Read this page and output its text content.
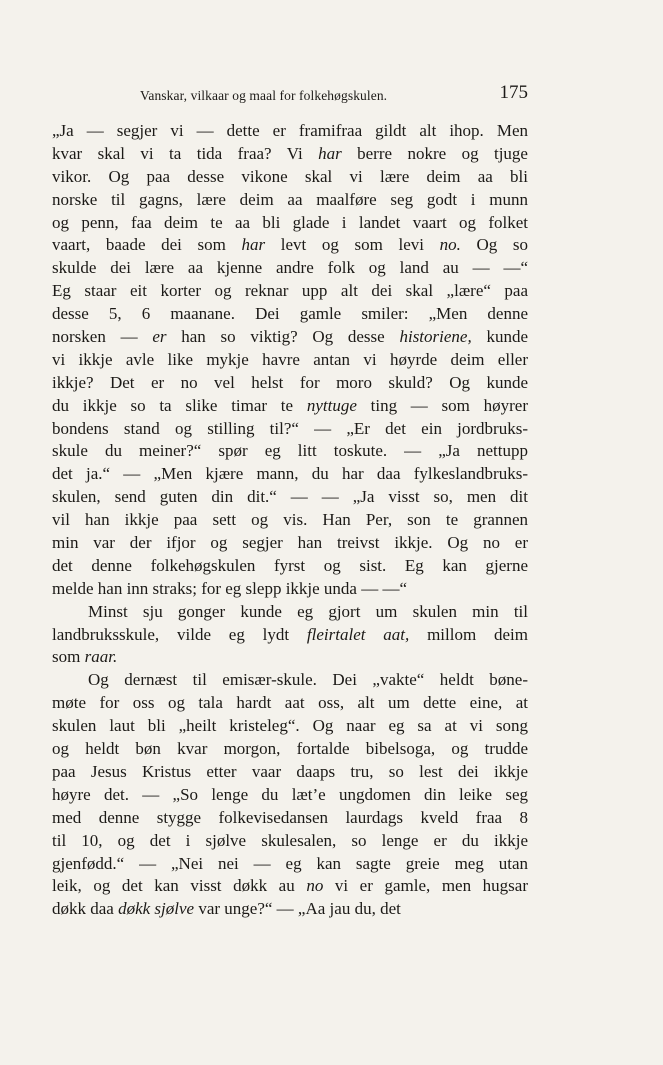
Vanskar, vilkaar og maal for folkehøgskulen.	175
„Ja — segjer vi — dette er framifraa gildt alt ihop. Men
kvar skal vi ta tida fraa? Vi har berre nokre og tjuge
vikor. Og paa desse vikone skal vi lære deim aa bli
norske til gagns, lære deim aa maalføre seg godt i munn
og penn, faa deim te aa bli glade i landet vaart og folket
vaart, baade dei som har levt og som levi no. Og so
skulde dei lære aa kjenne andre folk og land au — —“
Eg staar eit korter og reknar upp alt dei skal „lære“ paa
desse 5, 6 maanane. Dei gamle smiler: „Men denne
norsken — er han so viktig? Og desse historiene, kunde
vi ikkje avle like mykje havre antan vi høyrde deim eller
ikkje? Det er no vel helst for moro skuld? Og kunde
du ikkje so ta slike timar te nyttuge ting — som høyrer
bondens stand og stilling til?“ — „Er det ein jordbruks-
skule du meiner?“ spør eg litt toskute. — „Ja nettupp
det ja.“ — „Men kjære mann, du har daa fylkeslandbruks-
skulen, send guten din dit.“ — — „Ja visst so, men dit
vil han ikkje paa sett og vis. Han Per, son te grannen
min var der ifjor og segjer han treivst ikkje. Og no er
det denne folkehøgskulen fyrst og sist. Eg kan gjerne
melde han inn straks; for eg slepp ikkje unda — —“
Minst sju gonger kunde eg gjort um skulen min til
landbruksskule, vilde eg lydt fleirtalet aat, millom deim
som raar.
Og dernæst til emisær-skule. Dei „vakte“ heldt bøne-
møte for oss og tala hardt aat oss, alt um dette eine, at
skulen laut bli „heilt kristeleg“. Og naar eg sa at vi song
og heldt bøn kvar morgon, fortalde bibelsoga, og trudde
paa Jesus Kristus etter vaar daaps tru, so lest dei ikkje
høyre det. — „So lenge du læt’e ungdomen din leike seg
med denne stygge folkevisedansen laurdags kveld fraa 8
til 10, og det i sjølve skulesalen, so lenge er du ikkje
gjenfødd.“ — „Nei nei — eg kan sagte greie meg utan
leik, og det kan visst døkk au no vi er gamle, men hugsar
døkk daa døkk sjølve var unge?“ — „Aa jau du, det
